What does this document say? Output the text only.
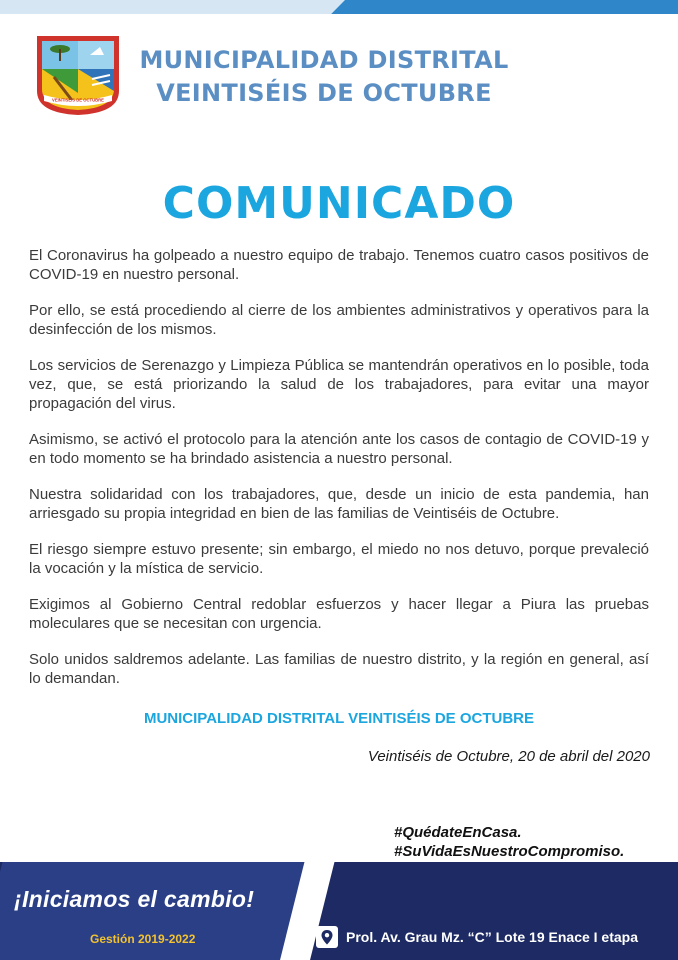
VEINTISÉIS DE OCTUBRE
MUNICIPALIDAD DISTRITAL
VEINTISÉIS DE OCTUBRE
COMUNICADO

El Coronavirus ha golpeado a nuestro equipo de trabajo. Tenemos cuatro casos positivos de COVID-19 en nuestro personal.

Por ello, se está procediendo al cierre de los ambientes administrativos y operativos para la desinfección de los mismos.

Los servicios de Serenazgo y Limpieza Pública se mantendrán operativos en lo posible, toda vez, que, se está priorizando la salud de los trabajadores, para evitar una mayor propagación del virus.

Asimismo, se activó el protocolo para la atención ante los casos de contagio de COVID-19 y en todo momento se ha brindado asistencia a nuestro personal.

Nuestra solidaridad con los trabajadores, que, desde un inicio de esta pandemia, han arriesgado su propia integridad en bien de las familias de Veintiséis de Octubre.

El riesgo siempre estuvo presente; sin embargo, el miedo no nos detuvo, porque prevaleció la vocación y la mística de servicio.

Exigimos al Gobierno Central redoblar esfuerzos y hacer llegar a Piura las pruebas moleculares que se necesitan con urgencia.

Solo unidos saldremos adelante. Las familias de nuestro distrito, y la región en general, así lo demandan.

MUNICIPALIDAD DISTRITAL VEINTISÉIS DE OCTUBRE
Veintiséis de Octubre, 20 de abril del 2020
#QuédateEnCasa.
#SuVidaEsNuestroCompromiso.
¡Iniciamos el cambio!
Gestión 2019-2022	Prol. Av. Grau Mz. “C” Lote 19 Enace I etapa
